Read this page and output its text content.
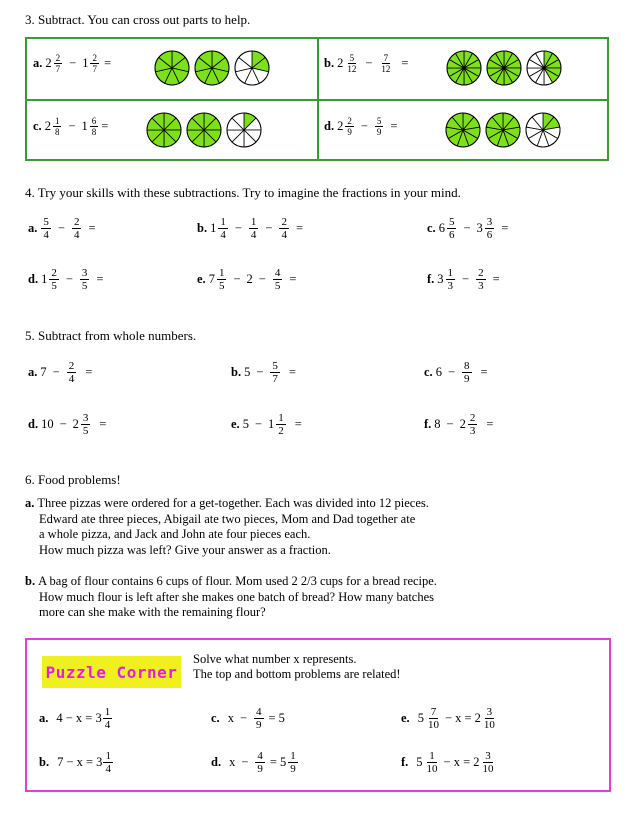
3. Subtract. You can cross out parts to help.
a. $2 \frac{2}{7} - 1 \frac{2}{7}$ =	b. $2 \frac{5}{12} - \frac{7}{12}$ =
c. $2 \frac{1}{8} - 1 \frac{6}{8}$ =	d. $2 \frac{2}{9} - \frac{5}{9}$ =
4. Try your skills with these subtractions. Try to imagine the fractions in your mind.
a. $\frac{5}{4} - \frac{2}{4}$ =	b. $1 \frac{1}{4} - \frac{1}{4} - \frac{2}{4}$ =	c. $6 \frac{5}{6} - 3 \frac{3}{6}$ =
d. $1 \frac{2}{5} - \frac{3}{5}$ =	e. $7 \frac{1}{5} - 2 - \frac{4}{5}$ =	f. $3 \frac{1}{3} - \frac{2}{3}$ =
5. Subtract from whole numbers.
a. $7 - \frac{2}{4}$ =	b. $5 - \frac{5}{7}$ =	c. $6 - \frac{8}{9}$ =
d. $10 - 2 \frac{3}{5}$ =	e. $5 - 1 \frac{1}{2}$ =	f. $8 - 2 \frac{2}{3}$ =
6. Food problems!
a. Three pizzas were ordered for a get-together. Each was divided into 12 pieces.
Edward ate three pieces, Abigail ate two pieces, Mom and Dad together ate
a whole pizza, and Jack and John ate four pieces each.
How much pizza was left? Give your answer as a fraction.
b. A bag of flour contains 6 cups of flour. Mom used 2 2/3 cups for a bread recipe.
How much flour is left after she makes one batch of bread? How many batches
more can she make with the remaining flour?
Puzzle Corner
Solve what number x represents.
The top and bottom problems are related!
a. $4 - x = 3 \frac{1}{4}$
b. $7 - x = 3 \frac{1}{4}$
c. $x - \frac{4}{9} = 5$
d. $x - \frac{4}{9} = 5 \frac{1}{9}$
e. $5 \frac{7}{10} - x = 2 \frac{3}{10}$
f. $5 \frac{1}{10} - x = 2 \frac{3}{10}$
